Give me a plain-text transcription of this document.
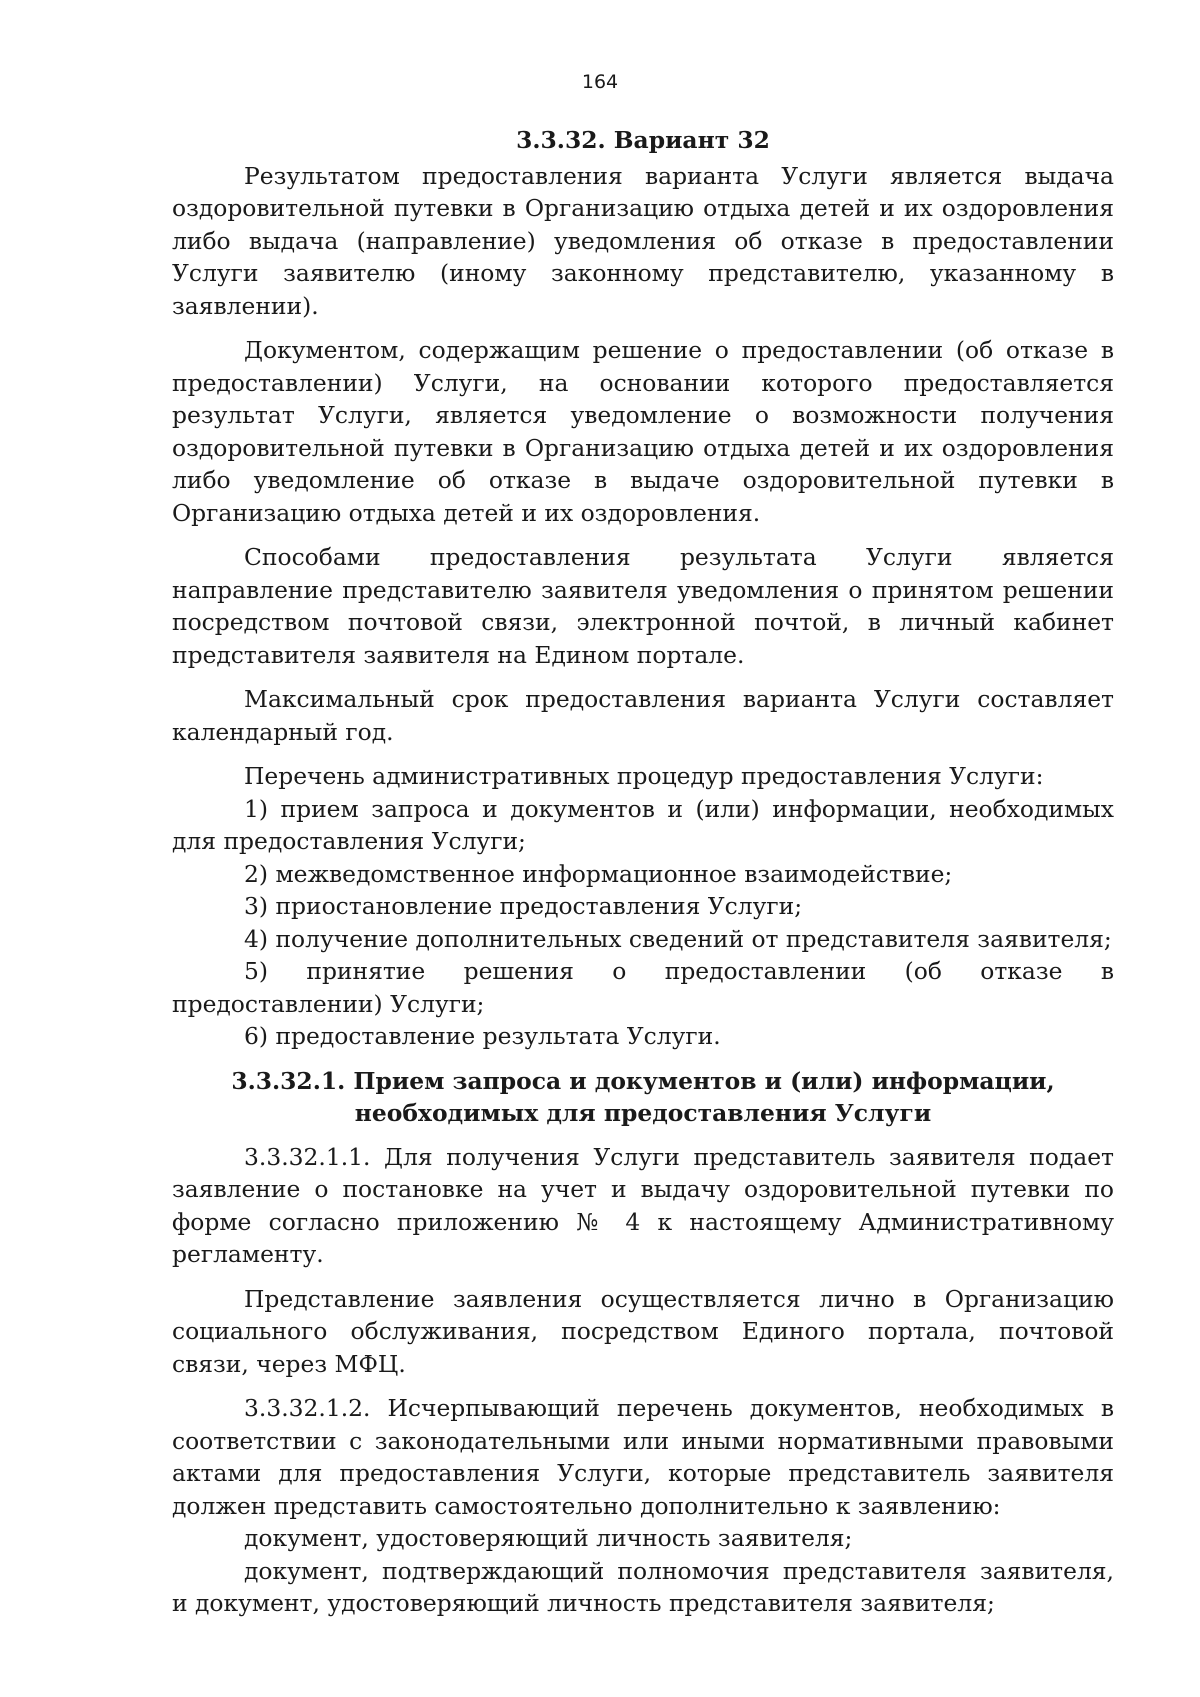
164
3.3.32. Вариант 32

Результатом предоставления варианта Услуги является выдача оздоровительной путевки в Организацию отдыха детей и их оздоровления либо выдача (направление) уведомления об отказе в предоставлении Услуги заявителю (иному законному представителю, указанному в заявлении).

Документом, содержащим решение о предоставлении (об отказе в предоставлении) Услуги, на основании которого предоставляется результат Услуги, является уведомление о возможности получения оздоровительной путевки в Организацию отдыха детей и их оздоровления либо уведомление об отказе в выдаче оздоровительной путевки в Организацию отдыха детей и их оздоровления.

Способами предоставления результата Услуги является направление представителю заявителя уведомления о принятом решении посредством почтовой связи, электронной почтой, в личный кабинет представителя заявителя на Едином портале.

Максимальный срок предоставления варианта Услуги составляет календарный год.

Перечень административных процедур предоставления Услуги:

1) прием запроса и документов и (или) информации, необходимых для предоставления Услуги;

2) межведомственное информационное взаимодействие;

3) приостановление предоставления Услуги;

4) получение дополнительных сведений от представителя заявителя;

5) принятие решения о предоставлении (об отказе в предоставлении) Услуги;

6) предоставление результата Услуги.

3.3.32.1. Прием запроса и документов и (или) информации, необходимых для предоставления Услуги

3.3.32.1.1. Для получения Услуги представитель заявителя подает заявление о постановке на учет и выдачу оздоровительной путевки по форме согласно приложению № 4 к настоящему Административному регламенту.

Представление заявления осуществляется лично в Организацию социального обслуживания, посредством Единого портала, почтовой связи, через МФЦ.

3.3.32.1.2. Исчерпывающий перечень документов, необходимых в соответствии с законодательными или иными нормативными правовыми актами для предоставления Услуги, которые представитель заявителя должен представить самостоятельно дополнительно к заявлению:

документ, удостоверяющий личность заявителя;

документ, подтверждающий полномочия представителя заявителя, и документ, удостоверяющий личность представителя заявителя;
